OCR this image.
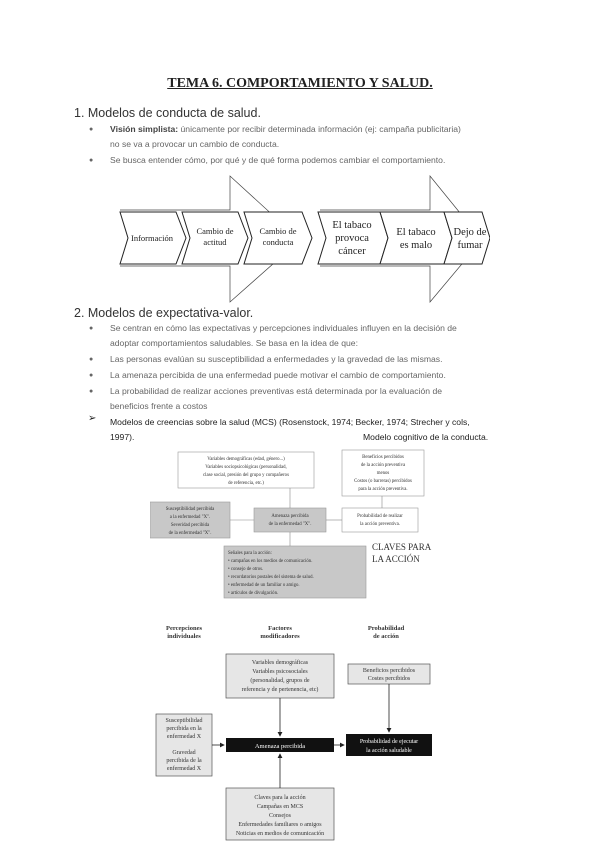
TEMA 6. COMPORTAMIENTO Y SALUD.
1. Modelos de conducta de salud.
● Visión simplista: únicamente por recibir determinada información (ej: campaña publicitaria)
no se va a provocar un cambio de conducta.
● Se busca entender cómo, por qué y de qué forma podemos cambiar el comportamiento.
Información
Cambio de
actitud
Cambio de
conducta
El tabaco
provoca
cáncer
El tabaco
es malo
Dejo de
fumar
2. Modelos de expectativa-valor.
● Se centran en cómo las expectativas y percepciones individuales influyen en la decisión de
adoptar comportamientos saludables. Se basa en la idea de que:
● Las personas evalúan su susceptibilidad a enfermedades y la gravedad de las mismas.
● La amenaza percibida de una enfermedad puede motivar el cambio de comportamiento.
● La probabilidad de realizar acciones preventivas está determinada por la evaluación de
beneficios frente a costos
➢ Modelos de creencias sobre la salud (MCS) (Rosenstock, 1974; Becker, 1974; Strecher y cols,
1997).	Modelo cognitivo de la conducta.
Variables demográficas (edad, género...)
Variables sociopsicológicas (personalidad,
clase social, presión del grupo y compañeros
de referencia, etc.)
Beneficios percibidos
de la acción preventiva
menos
Costos (o barreras) percibidos
para la acción preventiva.
Susceptibilidad percibida
a la enfermedad "X".
Severidad percibida
de la enfermedad "X".
Amenaza percibida
de la enfermedad "X".
Probabilidad de realizar
la acción preventiva.
Señales para la acción:
• campañas en los medios de comunicación.
• consejo de otros.
• recordatorios postales del sistema de salud.
• enfermedad de un familiar o amigo.
• artículos de divulgación.
CLAVES PARA
LA ACCIÓN
Percepciones
individuales
Factores
modificadores
Probabilidad
de acción
Variables demográficas
Variables psicosociales
(personalidad, grupos de
referencia y de pertenencia, etc)
Beneficios percibidos
Costes percibidos
Susceptibilidad
percibida en la
enfermedad X
Gravedad
percibida de la
enfermedad X
Amenaza percibida
Probabilidad de ejecutar
la acción saludable
Claves para la acción
Campañas en MCS
Consejos
Enfermedades familiares o amigos
Noticias en medios de comunicación
